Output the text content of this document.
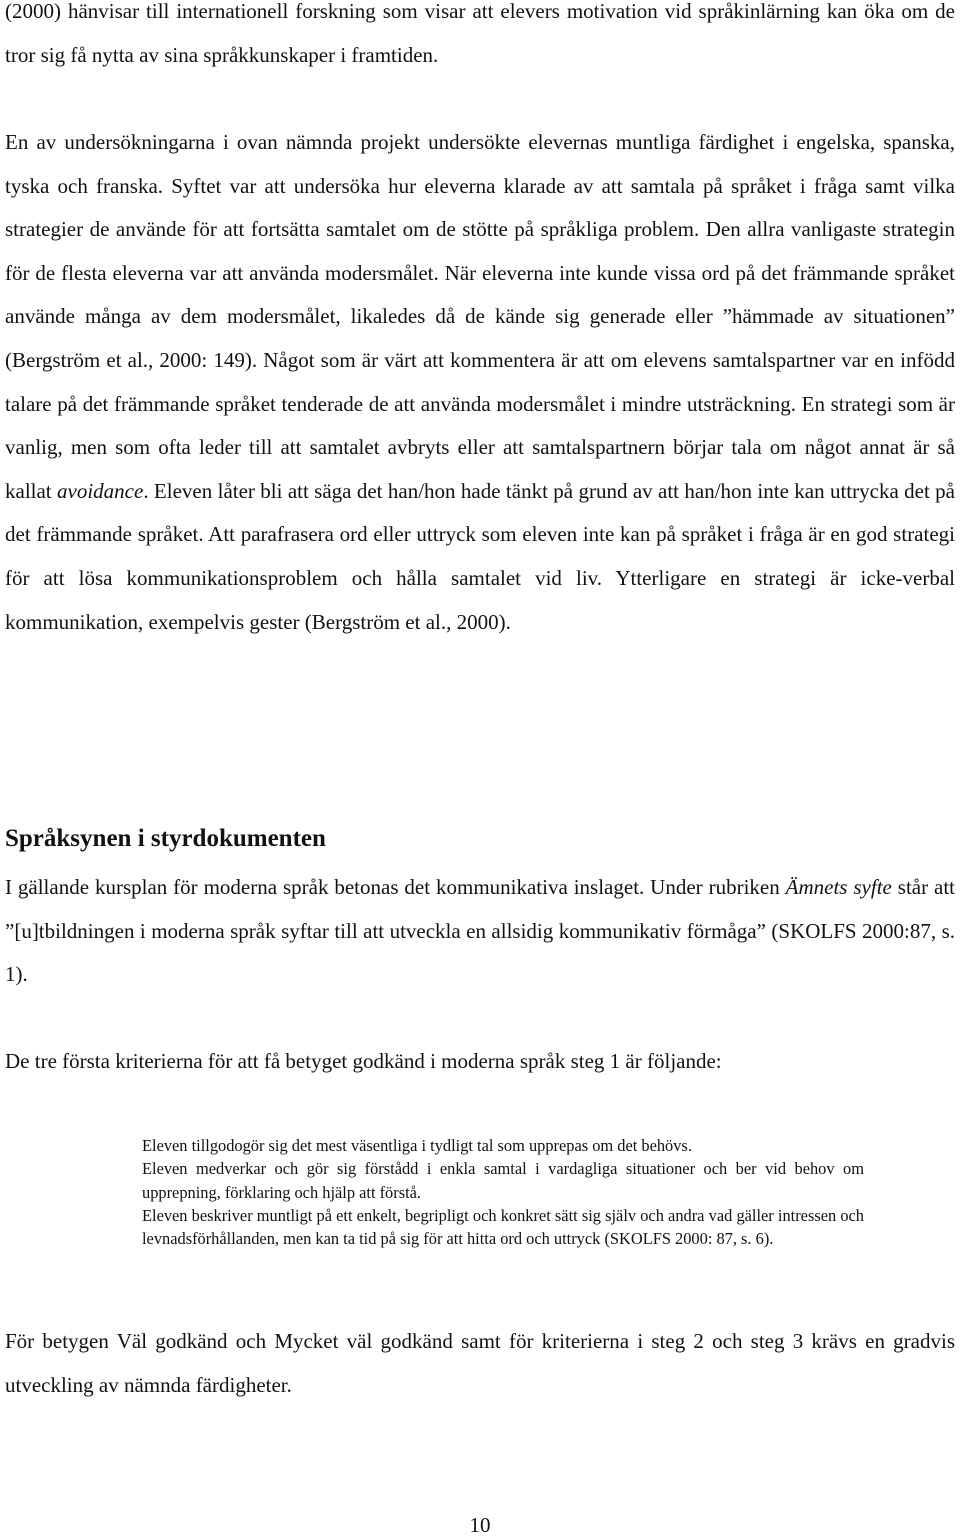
(2000) hänvisar till internationell forskning som visar att elevers motivation vid språkinlärning kan öka om de tror sig få nytta av sina språkkunskaper i framtiden.

En av undersökningarna i ovan nämnda projekt undersökte elevernas muntliga färdighet i engelska, spanska, tyska och franska. Syftet var att undersöka hur eleverna klarade av att samtala på språket i fråga samt vilka strategier de använde för att fortsätta samtalet om de stötte på språkliga problem. Den allra vanligaste strategin för de flesta eleverna var att använda modersmålet. När eleverna inte kunde vissa ord på det främmande språket använde många av dem modersmålet, likaledes då de kände sig generade eller ”hämmade av situationen” (Bergström et al., 2000: 149). Något som är värt att kommentera är att om elevens samtalspartner var en infödd talare på det främmande språket tenderade de att använda modersmålet i mindre utsträckning. En strategi som är vanlig, men som ofta leder till att samtalet avbryts eller att samtalspartnern börjar tala om något annat är så kallat avoidance. Eleven låter bli att säga det han/hon hade tänkt på grund av att han/hon inte kan uttrycka det på det främmande språket. Att parafrasera ord eller uttryck som eleven inte kan på språket i fråga är en god strategi för att lösa kommunikationsproblem och hålla samtalet vid liv. Ytterligare en strategi är icke-verbal kommunikation, exempelvis gester (Bergström et al., 2000).

Språksynen i styrdokumenten

I gällande kursplan för moderna språk betonas det kommunikativa inslaget. Under rubriken Ämnets syfte står att ”[u]tbildningen i moderna språk syftar till att utveckla en allsidig kommunikativ förmåga” (SKOLFS 2000:87, s. 1).

De tre första kriterierna för att få betyget godkänd i moderna språk steg 1 är följande:

Eleven tillgodogör sig det mest väsentliga i tydligt tal som upprepas om det behövs.
Eleven medverkar och gör sig förstådd i enkla samtal i vardagliga situationer och ber vid behov om upprepning, förklaring och hjälp att förstå.
Eleven beskriver muntligt på ett enkelt, begripligt och konkret sätt sig själv och andra vad gäller intressen och levnadsförhållanden, men kan ta tid på sig för att hitta ord och uttryck (SKOLFS 2000: 87, s. 6).

För betygen Väl godkänd och Mycket väl godkänd samt för kriterierna i steg 2 och steg 3 krävs en gradvis utveckling av nämnda färdigheter.

10
